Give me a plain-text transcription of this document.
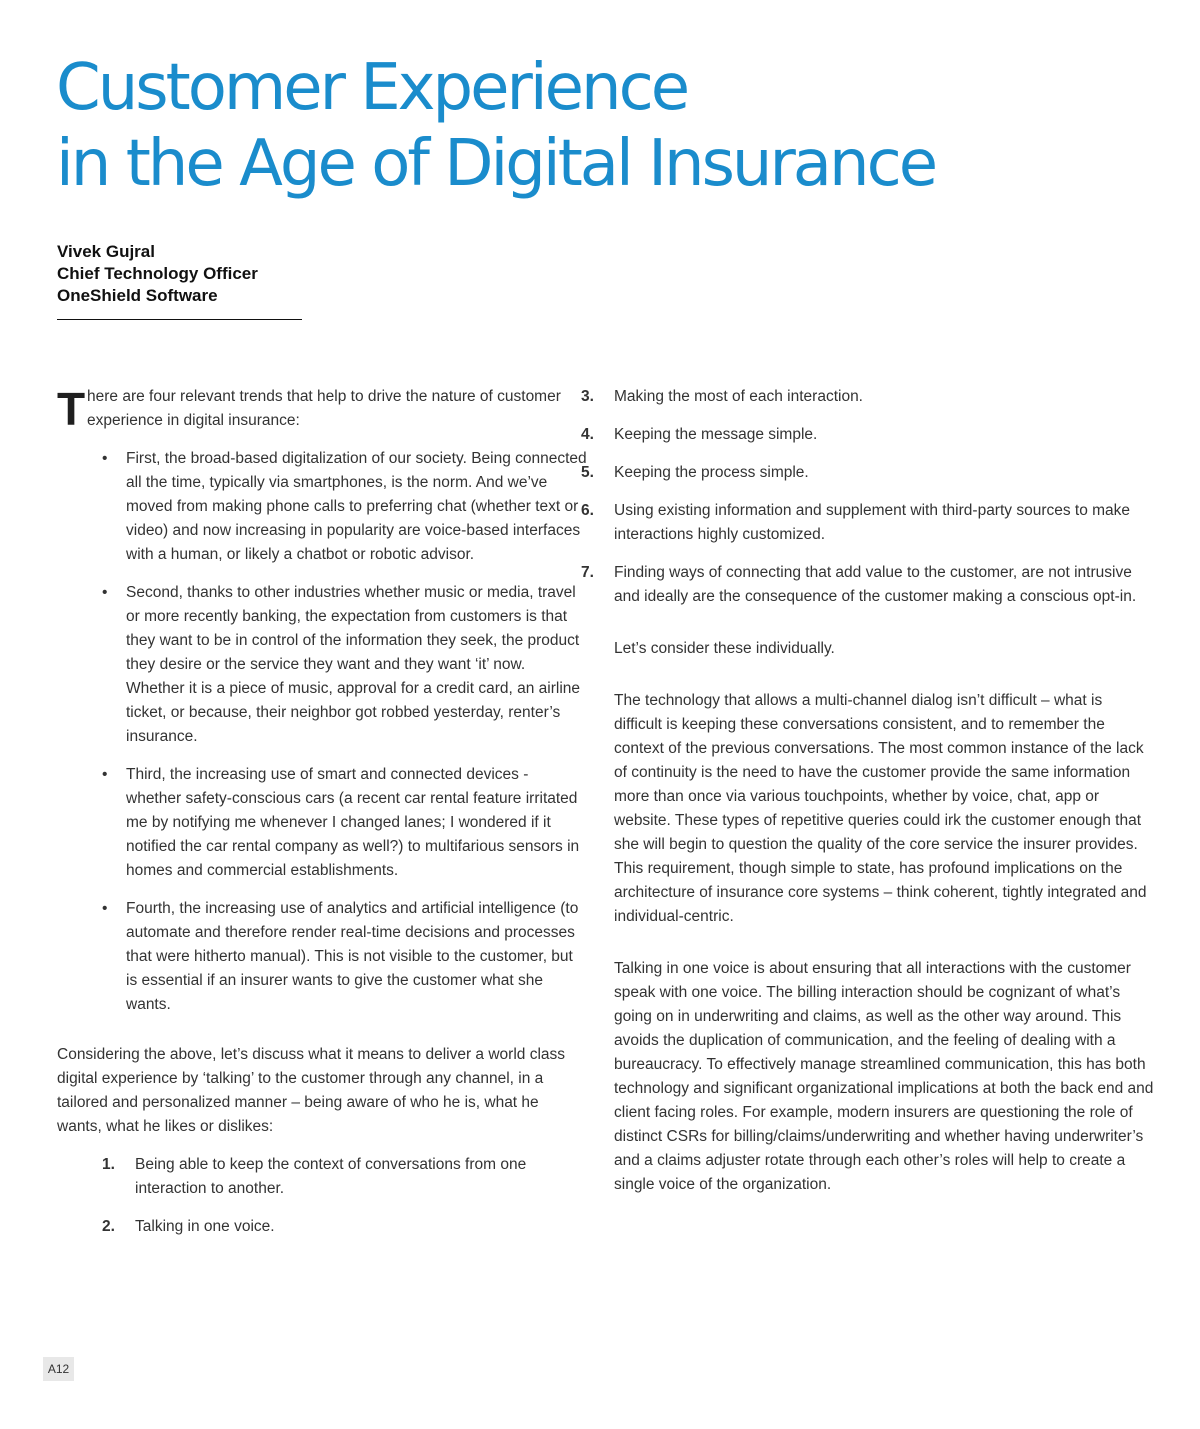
Customer Experience
in the Age of Digital Insurance
Vivek Gujral
Chief Technology Officer
OneShield Software

T here are four relevant trends that help to drive the nature of customer experience in digital insurance:

• First, the broad-based digitalization of our society. Being connected all the time, typically via smartphones, is the norm. And we’ve moved from making phone calls to preferring chat (whether text or video) and now increasing in popularity are voice-based interfaces with a human, or likely a chatbot or robotic advisor.
• Second, thanks to other industries whether music or media, travel or more recently banking, the expectation from customers is that they want to be in control of the information they seek, the product they desire or the service they want and they want ‘it’ now. Whether it is a piece of music, approval for a credit card, an airline ticket, or because, their neighbor got robbed yesterday, renter’s insurance.
• Third, the increasing use of smart and connected devices - whether safety-conscious cars (a recent car rental feature irritated me by notifying me whenever I changed lanes; I wondered if it notified the car rental company as well?) to multifarious sensors in homes and commercial establishments.
• Fourth, the increasing use of analytics and artificial intelligence (to automate and therefore render real-time decisions and processes that were hitherto manual). This is not visible to the customer, but is essential if an insurer wants to give the customer what she wants.

Considering the above, let’s discuss what it means to deliver a world class digital experience by ‘talking’ to the customer through any channel, in a tailored and personalized manner – being aware of who he is, what he wants, what he likes or dislikes:

1. Being able to keep the context of conversations from one interaction to another.
2. Talking in one voice.
3. Making the most of each interaction.
4. Keeping the message simple.
5. Keeping the process simple.
6. Using existing information and supplement with third-party sources to make interactions highly customized.
7. Finding ways of connecting that add value to the customer, are not intrusive and ideally are the consequence of the customer making a conscious opt-in.

Let’s consider these individually.

The technology that allows a multi-channel dialog isn’t difficult – what is difficult is keeping these conversations consistent, and to remember the context of the previous conversations. The most common instance of the lack of continuity is the need to have the customer provide the same information more than once via various touchpoints, whether by voice, chat, app or website. These types of repetitive queries could irk the customer enough that she will begin to question the quality of the core service the insurer provides. This requirement, though simple to state, has profound implications on the architecture of insurance core systems – think coherent, tightly integrated and individual-centric.

Talking in one voice is about ensuring that all interactions with the customer speak with one voice. The billing interaction should be cognizant of what’s going on in underwriting and claims, as well as the other way around. This avoids the duplication of communication, and the feeling of dealing with a bureaucracy. To effectively manage streamlined communication, this has both technology and significant organizational implications at both the back end and client facing roles. For example, modern insurers are questioning the role of distinct CSRs for billing/claims/underwriting and whether having underwriter’s and a claims adjuster rotate through each other’s roles will help to create a single voice of the organization.

A12
